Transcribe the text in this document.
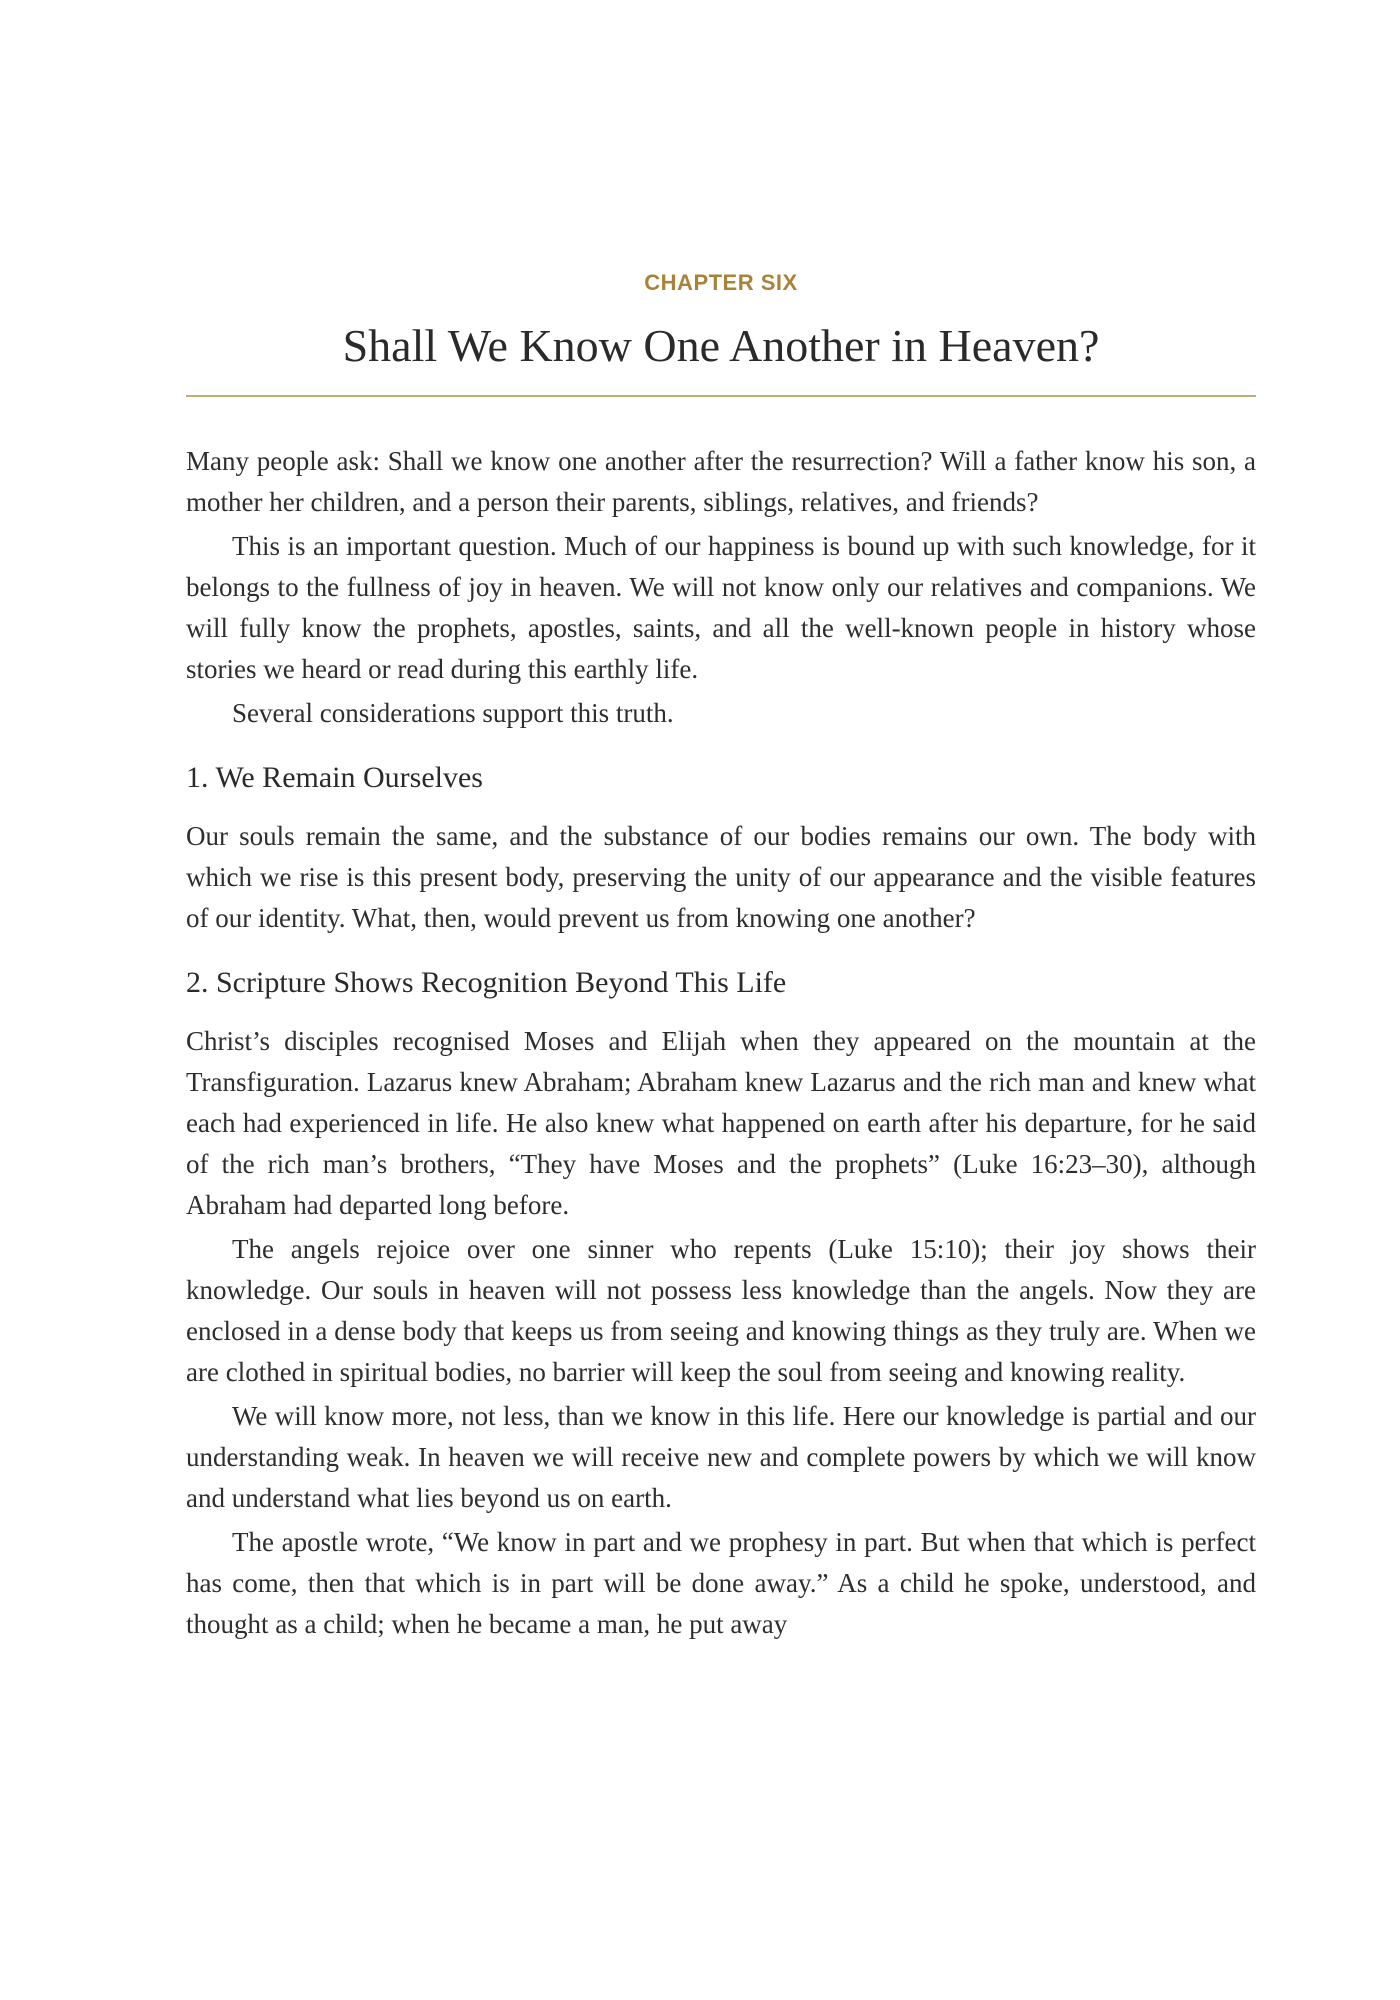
CHAPTER SIX
Shall We Know One Another in Heaven?

Many people ask: Shall we know one another after the resurrection? Will a father know his son, a mother her children, and a person their parents, siblings, relatives, and friends?

This is an important question. Much of our happiness is bound up with such knowledge, for it belongs to the fullness of joy in heaven. We will not know only our relatives and companions. We will fully know the prophets, apostles, saints, and all the well-known people in history whose stories we heard or read during this earthly life.

Several considerations support this truth.

1. We Remain Ourselves

Our souls remain the same, and the substance of our bodies remains our own. The body with which we rise is this present body, preserving the unity of our appearance and the visible features of our identity. What, then, would prevent us from knowing one another?

2. Scripture Shows Recognition Beyond This Life

Christ’s disciples recognised Moses and Elijah when they appeared on the mountain at the Transfiguration. Lazarus knew Abraham; Abraham knew Lazarus and the rich man and knew what each had experienced in life. He also knew what happened on earth after his departure, for he said of the rich man’s brothers, “They have Moses and the prophets” (Luke 16:23–30), although Abraham had departed long before.

The angels rejoice over one sinner who repents (Luke 15:10); their joy shows their knowledge. Our souls in heaven will not possess less knowledge than the angels. Now they are enclosed in a dense body that keeps us from seeing and knowing things as they truly are. When we are clothed in spiritual bodies, no barrier will keep the soul from seeing and knowing reality.

We will know more, not less, than we know in this life. Here our knowledge is partial and our understanding weak. In heaven we will receive new and complete powers by which we will know and understand what lies beyond us on earth.

The apostle wrote, “We know in part and we prophesy in part. But when that which is perfect has come, then that which is in part will be done away.” As a child he spoke, understood, and thought as a child; when he became a man, he put away
